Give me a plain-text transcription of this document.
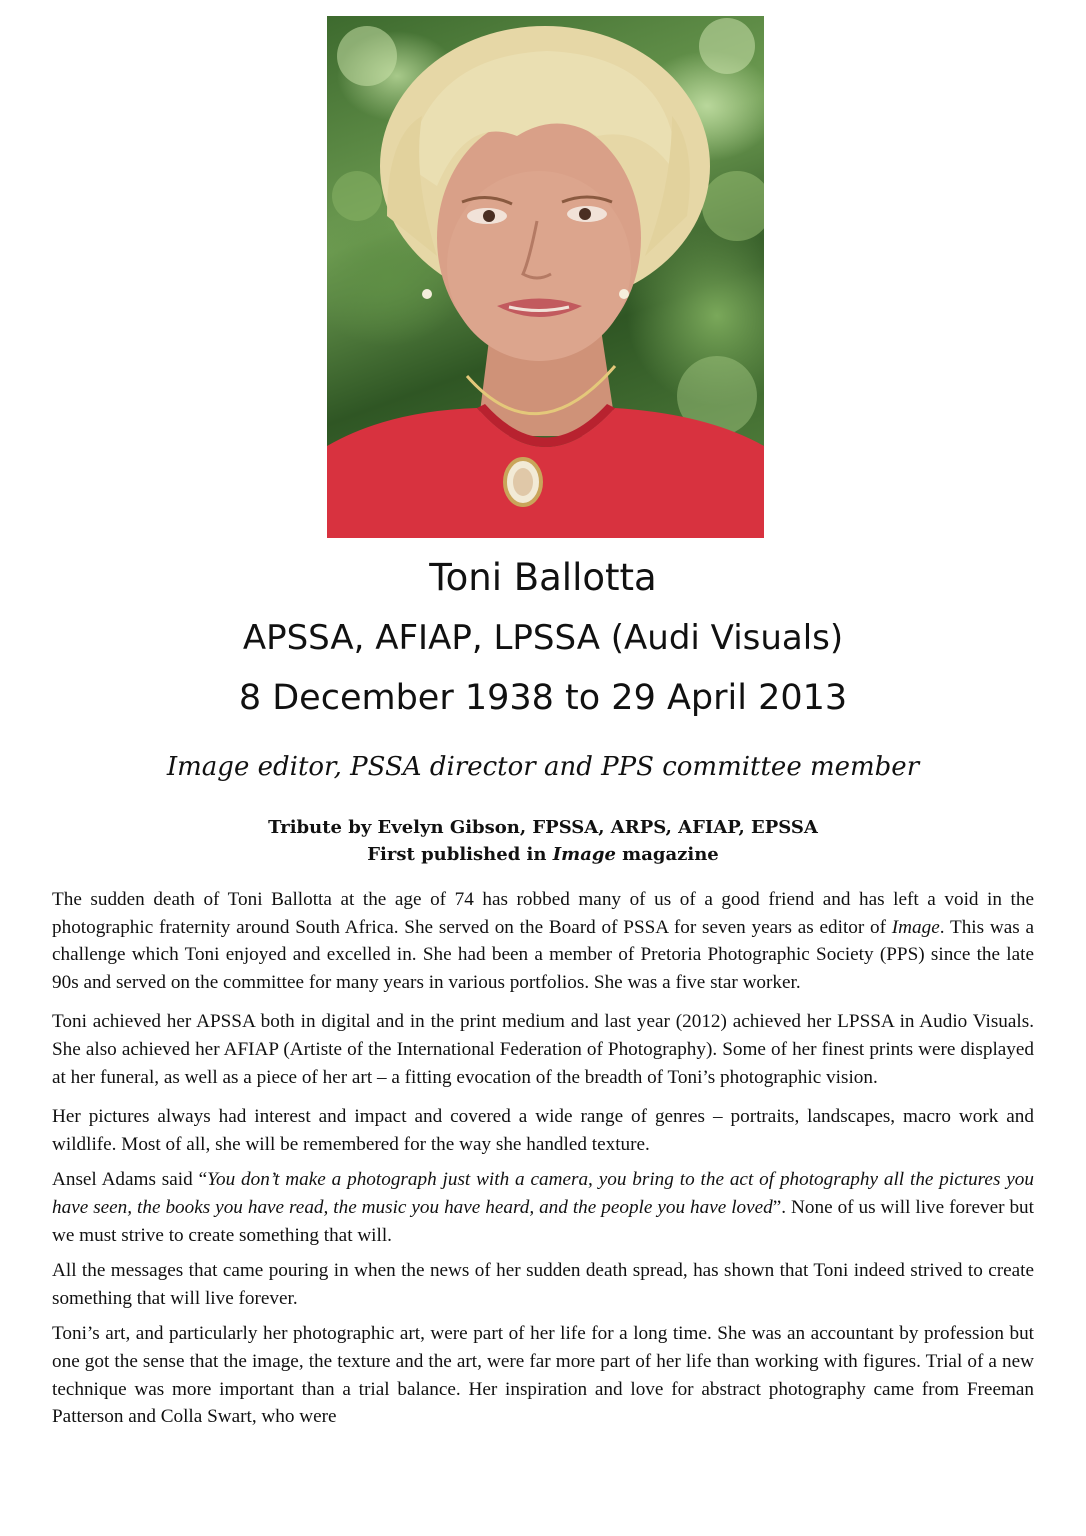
Toni Ballotta
APSSA, AFIAP, LPSSA (Audi Visuals)
8 December 1938 to 29 April 2013
Image editor, PSSA director and PPS committee member
Tribute by Evelyn Gibson, FPSSA, ARPS, AFIAP, EPSSA
First published in Image magazine

The sudden death of Toni Ballotta at the age of 74 has robbed many of us of a good friend and has left a void in the photographic fraternity around South Africa. She served on the Board of PSSA for seven years as editor of Image. This was a challenge which Toni enjoyed and excelled in. She had been a member of Pretoria Photographic Society (PPS) since the late 90s and served on the committee for many years in various portfolios. She was a five star worker.

Toni achieved her APSSA both in digital and in the print medium and last year (2012) achieved her LPSSA in Audio Visuals. She also achieved her AFIAP (Artiste of the International Federation of Photography). Some of her finest prints were displayed at her funeral, as well as a piece of her art – a fitting evocation of the breadth of Toni’s photographic vision.

Her pictures always had interest and impact and covered a wide range of genres – portraits, landscapes, macro work and wildlife. Most of all, she will be remembered for the way she handled texture.

Ansel Adams said “You don’t make a photograph just with a camera, you bring to the act of photography all the pictures you have seen, the books you have read, the music you have heard, and the people you have loved”. None of us will live forever but we must strive to create something that will.

All the messages that came pouring in when the news of her sudden death spread, has shown that Toni indeed strived to create something that will live forever.

Toni’s art, and particularly her photographic art, were part of her life for a long time. She was an accountant by profession but one got the sense that the image, the texture and the art, were far more part of her life than working with figures. Trial of a new technique was more important than a trial balance. Her inspiration and love for abstract photography came from Freeman Patterson and Colla Swart, who were
